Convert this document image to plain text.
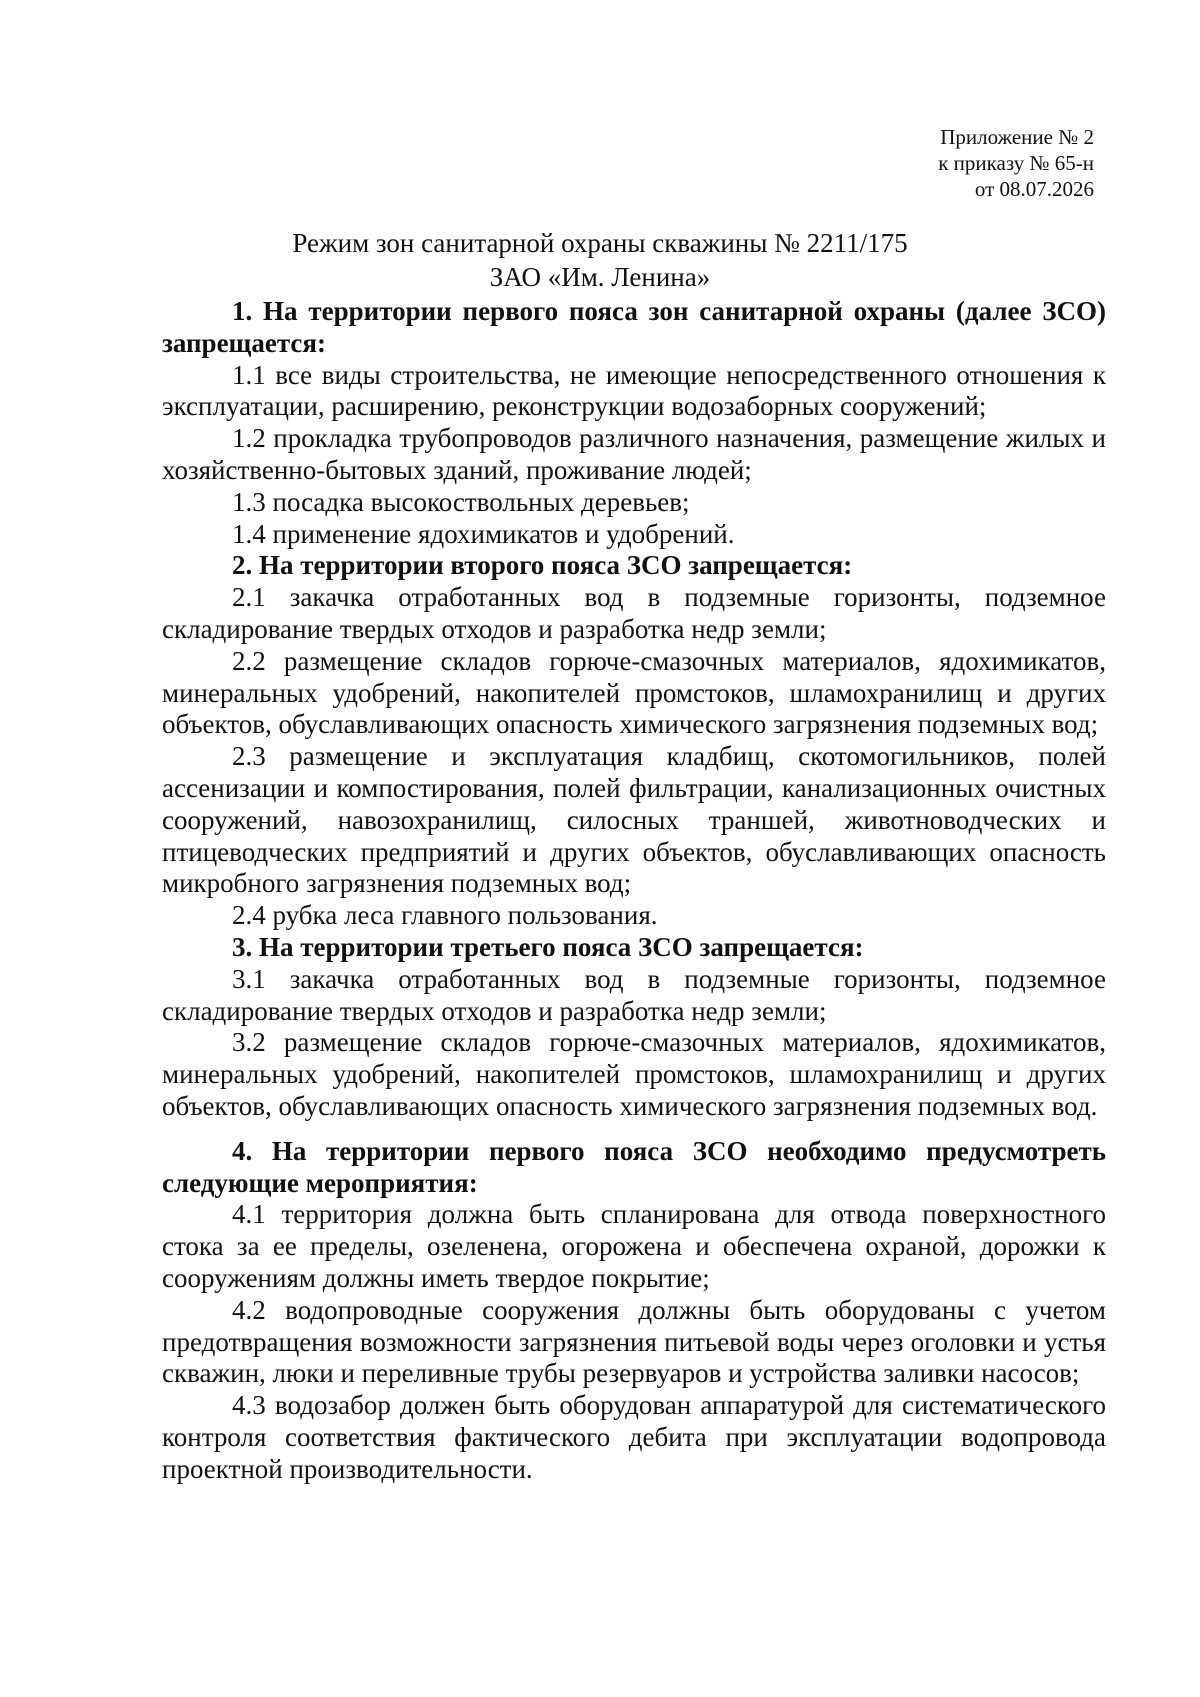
Приложение № 2
к приказу № 65-н
от 08.07.2026
Режим зон санитарной охраны скважины № 2211/175
ЗАО «Им. Ленина»

1. На территории первого пояса зон санитарной охраны (далее ЗСО) запрещается:

1.1 все виды строительства, не имеющие непосредственного отношения к эксплуатации, расширению, реконструкции водозаборных сооружений;

1.2 прокладка трубопроводов различного назначения, размещение жилых и хозяйственно-бытовых зданий, проживание людей;

1.3 посадка высокоствольных деревьев;

1.4 применение ядохимикатов и удобрений.

2. На территории второго пояса ЗСО запрещается:

2.1 закачка отработанных вод в подземные горизонты, подземное складирование твердых отходов и разработка недр земли;

2.2 размещение складов горюче-смазочных материалов, ядохимикатов, минеральных удобрений, накопителей промстоков, шламохранилищ и других объектов, обуславливающих опасность химического загрязнения подземных вод;

2.3 размещение и эксплуатация кладбищ, скотомогильников, полей ассенизации и компостирования, полей фильтрации, канализационных очистных сооружений, навозохранилищ, силосных траншей, животноводческих и птицеводческих предприятий и других объектов, обуславливающих опасность микробного загрязнения подземных вод;

2.4 рубка леса главного пользования.

3. На территории третьего пояса ЗСО запрещается:

3.1 закачка отработанных вод в подземные горизонты, подземное складирование твердых отходов и разработка недр земли;

3.2 размещение складов горюче-смазочных материалов, ядохимикатов, минеральных удобрений, накопителей промстоков, шламохранилищ и других объектов, обуславливающих опасность химического загрязнения подземных вод.

4. На территории первого пояса ЗСО необходимо предусмотреть следующие мероприятия:

4.1 территория должна быть спланирована для отвода поверхностного стока за ее пределы, озеленена, огорожена и обеспечена охраной, дорожки к сооружениям должны иметь твердое покрытие;

4.2 водопроводные сооружения должны быть оборудованы с учетом предотвращения возможности загрязнения питьевой воды через оголовки и устья скважин, люки и переливные трубы резервуаров и устройства заливки насосов;

4.3 водозабор должен быть оборудован аппаратурой для систематического контроля соответствия фактического дебита при эксплуатации водопровода проектной производительности.
